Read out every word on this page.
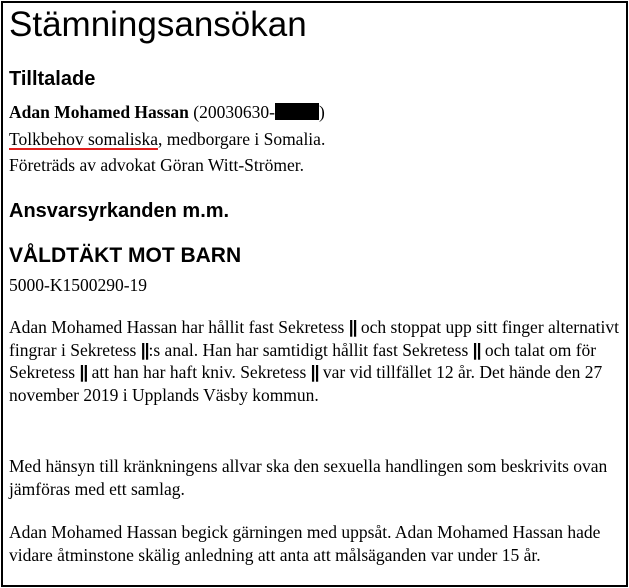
Stämningsansökan
Tilltalade

Adan Mohamed Hassan (20030630-	)

Tolkbehov somaliska, medborgare i Somalia.

Företräds av advokat Göran Witt-Strömer.

Ansvarsyrkanden m.m.
VÅLDTÄKT MOT BARN

5000-K1500290-19

Adan Mohamed Hassan har hållit fast Sekretess || och stoppat upp sitt finger alternativt fingrar i Sekretess ||:s anal. Han har samtidigt hållit fast Sekretess || och talat om för Sekretess || att han har haft kniv. Sekretess || var vid tillfället 12 år. Det hände den 27 november 2019 i Upplands Väsby kommun.

Med hänsyn till kränkningens allvar ska den sexuella handlingen som beskrivits ovan jämföras med ett samlag.

Adan Mohamed Hassan begick gärningen med uppsåt. Adan Mohamed Hassan hade vidare åtminstone skälig anledning att anta att målsäganden var under 15 år.
